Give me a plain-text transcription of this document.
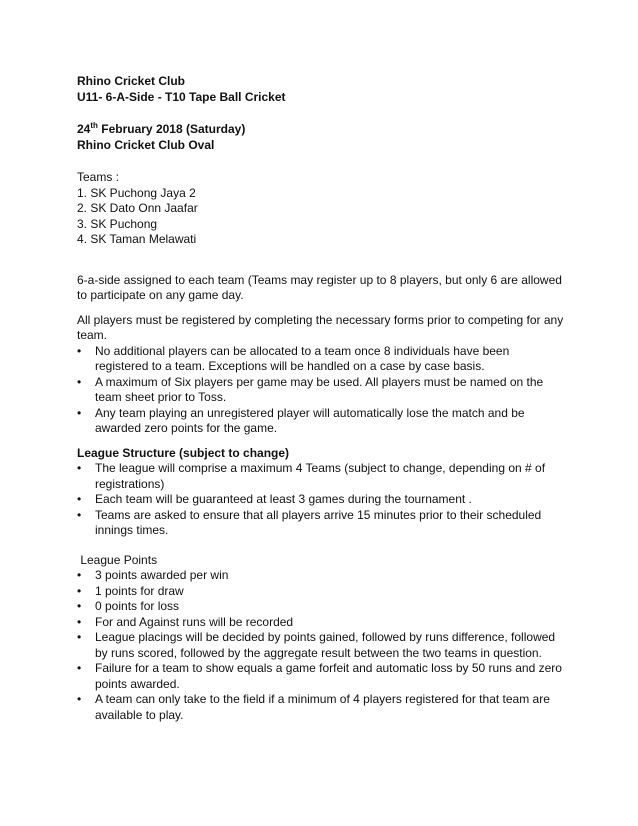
Rhino Cricket Club
U11- 6-A-Side - T10 Tape Ball Cricket
24th February 2018 (Saturday)
Rhino Cricket Club Oval
Teams :
1. SK Puchong Jaya 2
2. SK Dato Onn Jaafar
3. SK Puchong
4. SK Taman Melawati

6-a-side assigned to each team (Teams may register up to 8 players, but only 6 are allowed to participate on any game day.

All players must be registered by completing the necessary forms prior to competing for any team.

•	No additional players can be allocated to a team once 8 individuals have been registered to a team. Exceptions will be handled on a case by case basis.
•	A maximum of Six players per game may be used. All players must be named on the team sheet prior to Toss.
•	Any team playing an unregistered player will automatically lose the match and be awarded zero points for the game.
League Structure (subject to change)
•	The league will comprise a maximum 4 Teams (subject to change, depending on # of registrations)
•	Each team will be guaranteed at least 3 games during the tournament .
•	Teams are asked to ensure that all players arrive 15 minutes prior to their scheduled innings times.
League Points
•	3 points awarded per win
•	1 points for draw
•	0 points for loss
•	For and Against runs will be recorded
•	League placings will be decided by points gained, followed by runs difference, followed by runs scored, followed by the aggregate result between the two teams in question.
•	Failure for a team to show equals a game forfeit and automatic loss by 50 runs and zero points awarded.
•	A team can only take to the field if a minimum of 4 players registered for that team are available to play.
